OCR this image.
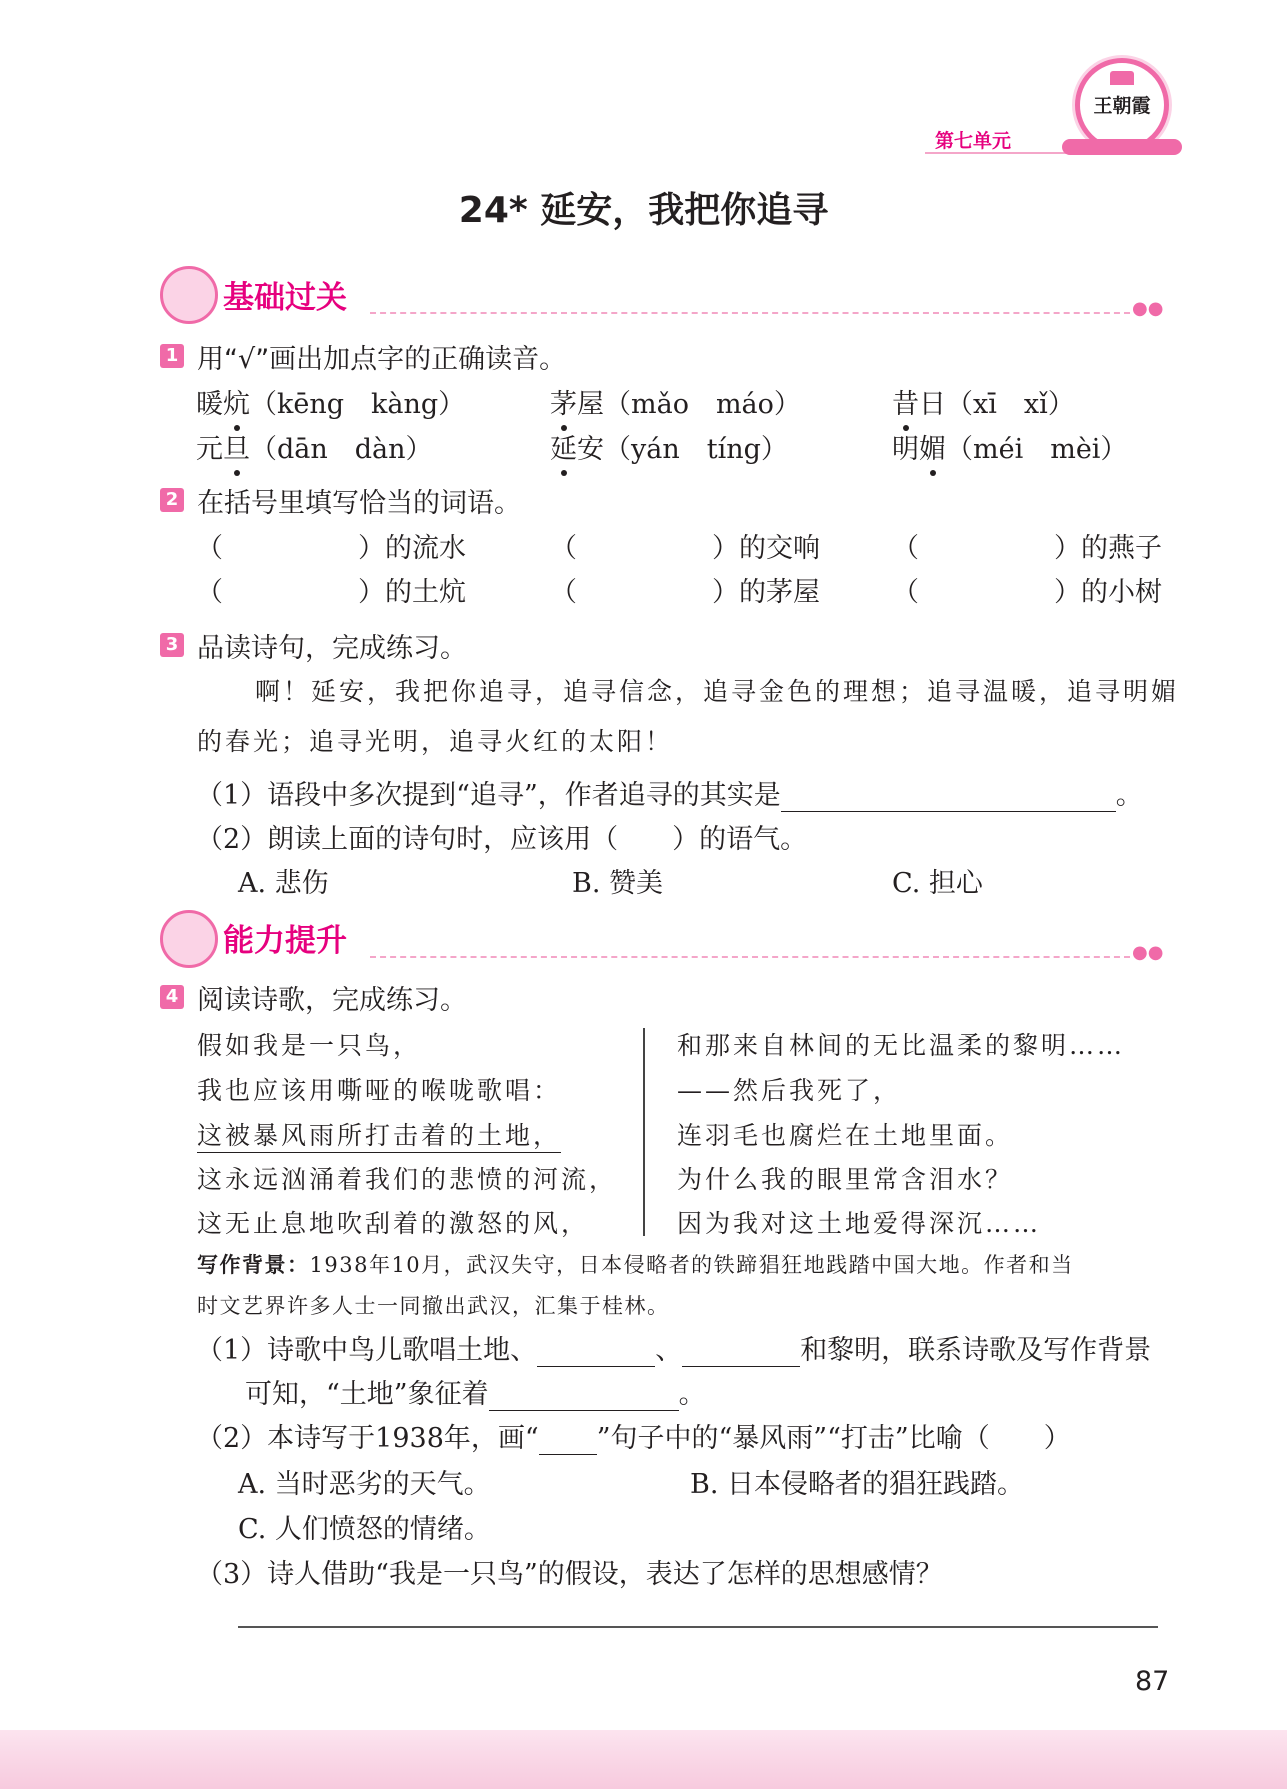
第七单元
王朝霞
24* 延安，我把你追寻
基础过关	●●
1 用“√”画出加点字的正确读音。
暖炕（kēng　kàng）	茅屋（mǎo　máo）	昔日（xī　xǐ）
元旦（dān　dàn）	延安（yán　tíng）	明媚（méi　mèi）
2 在括号里填写恰当的词语。
（　　　　　）的流水	（　　　　　）的交响	（　　　　　）的燕子
（　　　　　）的土炕	（　　　　　）的茅屋	（　　　　　）的小树
3 品读诗句，完成练习。
啊！延安，我把你追寻，追寻信念，追寻金色的理想；追寻温暖，追寻明媚
的春光；追寻光明，追寻火红的太阳！
（1）语段中多次提到“追寻”，作者追寻的其实是	。
（2）朗读上面的诗句时，应该用（　　）的语气。
A. 悲伤	B. 赞美	C. 担心
能力提升	●●
4 阅读诗歌，完成练习。
假如我是一只鸟，
我也应该用嘶哑的喉咙歌唱：
这被暴风雨所打击着的土地，
这永远汹涌着我们的悲愤的河流，
这无止息地吹刮着的激怒的风，
和那来自林间的无比温柔的黎明……
——然后我死了，
连羽毛也腐烂在土地里面。
为什么我的眼里常含泪水？
因为我对这土地爱得深沉……
写作背景：1938年10月，武汉失守，日本侵略者的铁蹄猖狂地践踏中国大地。作者和当
时文艺界许多人士一同撤出武汉，汇集于桂林。
（1）诗歌中鸟儿歌唱土地、	、	和黎明，联系诗歌及写作背景
可知，“土地”象征着	。
（2）本诗写于1938年，画“ ”句子中的“暴风雨”“打击”比喻（　　）
A. 当时恶劣的天气。	B. 日本侵略者的猖狂践踏。
C. 人们愤怒的情绪。
（3）诗人借助“我是一只鸟”的假设，表达了怎样的思想感情？
87
